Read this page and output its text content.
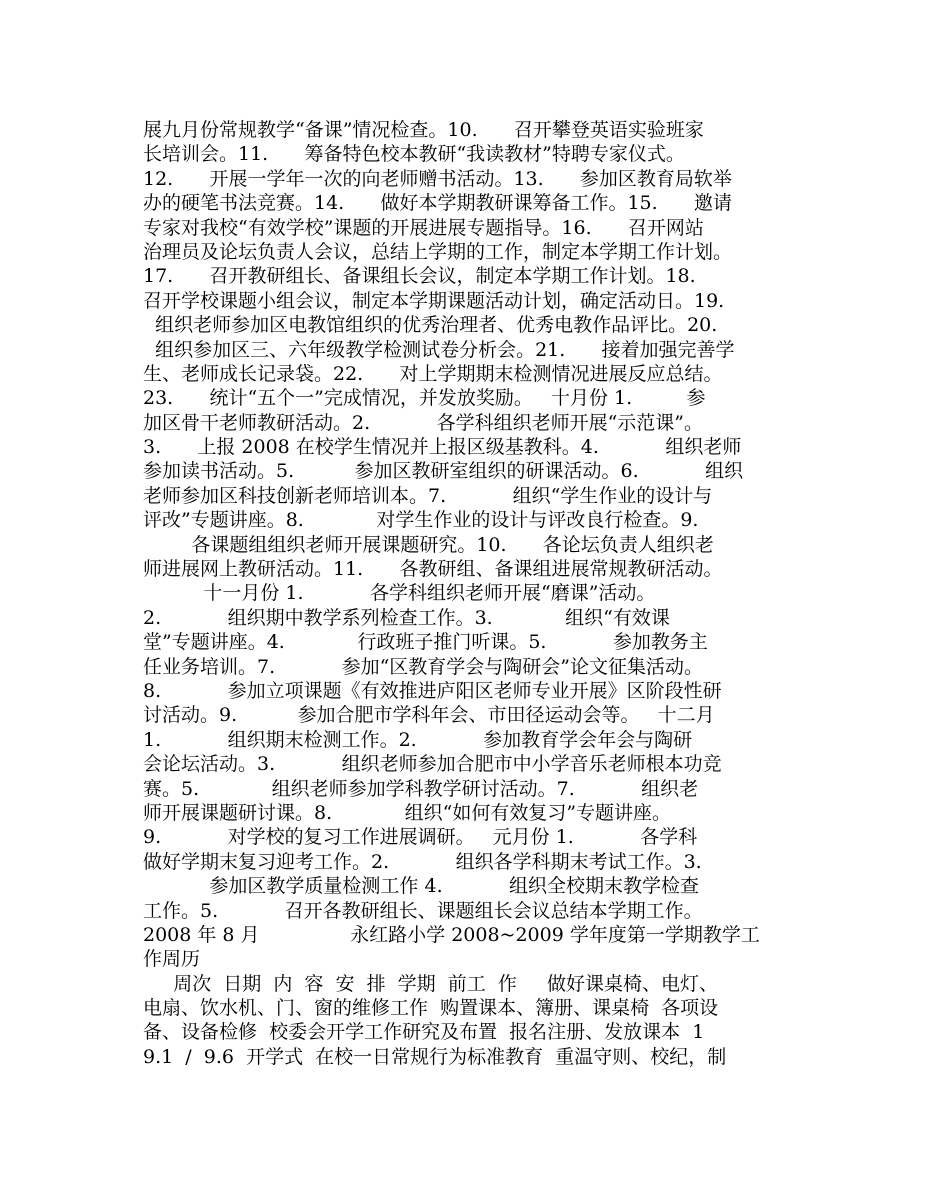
展九月份常规教学“备课”情况检查。10.      召开攀登英语实验班家
长培训会。11.      筹备特色校本教研“我读教材”特聘专家仪式。
12.      开展一学年一次的向老师赠书活动。13.      参加区教育局软举
办的硬笔书法竞赛。14.      做好本学期教研课筹备工作。15.      邀请
专家对我校“有效学校”课题的开展进展专题指导。16.      召开网站
治理员及论坛负责人会议，总结上学期的工作，制定本学期工作计划。
17.      召开教研组长、备课组长会议，制定本学期工作计划。18.
召开学校课题小组会议，制定本学期课题活动计划，确定活动日。19.
组织老师参加区电教馆组织的优秀治理者、优秀电教作品评比。20.
组织参加区三、六年级教学检测试卷分析会。21.      接着加强完善学
生、老师成长记录袋。22.      对上学期期末检测情况进展反应总结。
23.      统计“五个一”完成情况，并发放奖励。   十月份 1.         参
加区骨干老师教研活动。2.           各学科组织老师开展“示范课”。
3.      上报 2008 在校学生情况并上报区级基教科。4.           组织老师
参加读书活动。5.          参加区教研室组织的研课活动。6.           组织
老师参加区科技创新老师培训本。7.           组织“学生作业的设计与
评改”专题讲座。8.            对学生作业的设计与评改良行检查。9.
各课题组组织老师开展课题研究。10.      各论坛负责人组织老
师进展网上教研活动。11.      各教研组、备课组进展常规教研活动。
十一月份 1.           各学科组织老师开展“磨课”活动。
2.           组织期中教学系列检查工作。3.            组织“有效课
堂”专题讲座。4.            行政班子推门听课。5.           参加教务主
任业务培训。7.           参加“区教育学会与陶研会”论文征集活动。
8.           参加立项课题《有效推进庐阳区老师专业开展》区阶段性研
讨活动。9.          参加合肥市学科年会、市田径运动会等。   十二月
1.           组织期末检测工作。2.           参加教育学会年会与陶研
会论坛活动。3.           组织老师参加合肥市中小学音乐老师根本功竞
赛。5.            组织老师参加学科教学研讨活动。7.           组织老
师开展课题研讨课。8.            组织“如何有效复习”专题讲座。
9.           对学校的复习工作进展调研。   元月份 1.           各学科
做好学期末复习迎考工作。2.           组织各学科期末考试工作。3.
参加区教学质量检测工作 4.           组织全校期末教学检查
工作。5.           召开各教研组长、课题组长会议总结本学期工作。
2008 年 8 月               永红路小学 2008~2009 学年度第一学期教学工
作周历
周次  日期  内  容  安  排  学期  前工  作     做好课桌椅、电灯、
电扇、饮水机、门、窗的维修工作  购置课本、簿册、课桌椅  各项设
备、设备检修  校委会开学工作研究及布置  报名注册、发放课本  1
9.1  /  9.6  开学式  在校一日常规行为标准教育  重温守则、校纪，制
